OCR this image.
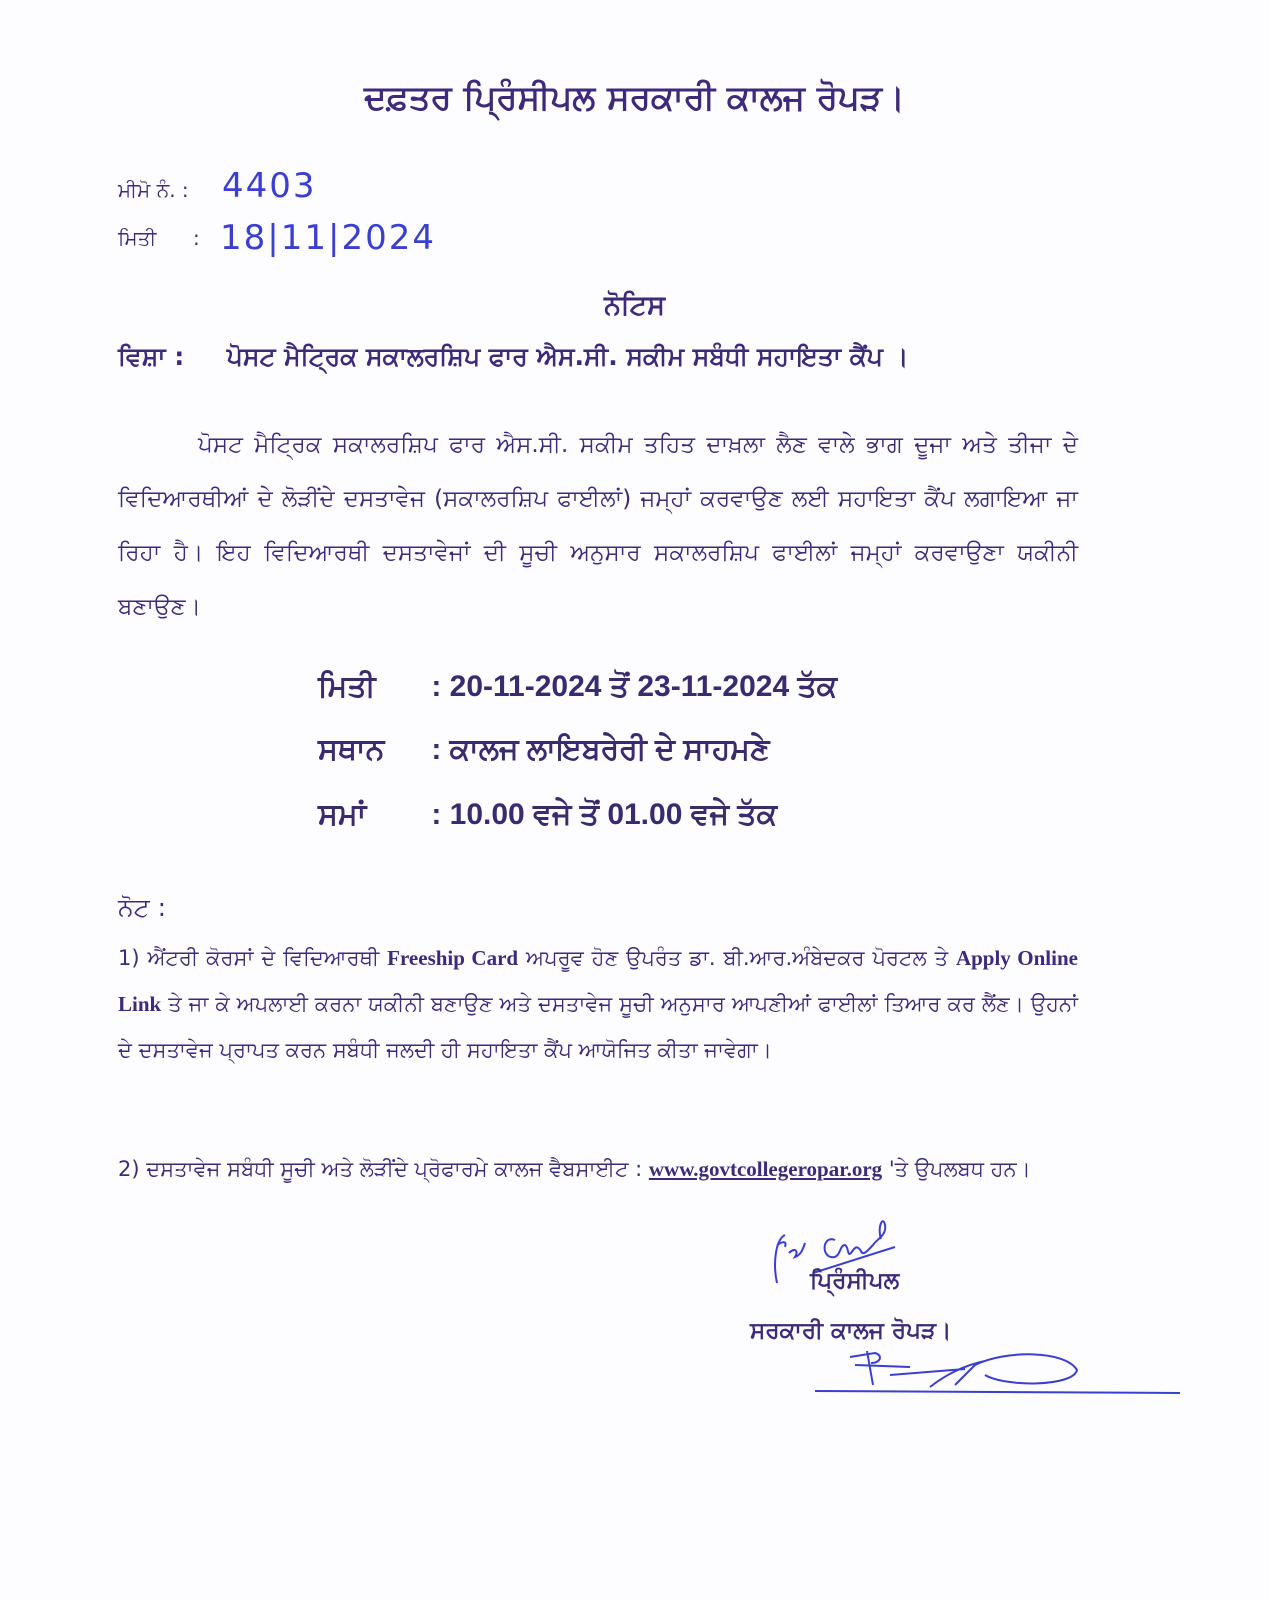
ਦਫ਼ਤਰ ਪ੍ਰਿੰਸੀਪਲ ਸਰਕਾਰੀ ਕਾਲਜ ਰੋਪੜ।
ਮੀਮੋ ਨੰ. : 4403
ਮਿਤੀ : 18|11|2024
ਨੋਟਿਸ
ਵਿਸ਼ਾ : ਪੋਸਟ ਮੈਟ੍ਰਿਕ ਸਕਾਲਰਸ਼ਿਪ ਫਾਰ ਐਸ.ਸੀ. ਸਕੀਮ ਸਬੰਧੀ ਸਹਾਇਤਾ ਕੈਂਪ ।
ਪੋਸਟ ਮੈਟ੍ਰਿਕ ਸਕਾਲਰਸ਼ਿਪ ਫਾਰ ਐਸ.ਸੀ. ਸਕੀਮ ਤਹਿਤ ਦਾਖ਼ਲਾ ਲੈਣ ਵਾਲੇ ਭਾਗ ਦੂਜਾ ਅਤੇ ਤੀਜਾ ਦੇ ਵਿਦਿਆਰਥੀਆਂ ਦੇ ਲੋੜੀਂਦੇ ਦਸਤਾਵੇਜ (ਸਕਾਲਰਸ਼ਿਪ ਫਾਈਲਾਂ) ਜਮ੍ਹਾਂ ਕਰਵਾਉਣ ਲਈ ਸਹਾਇਤਾ ਕੈਂਪ ਲਗਾਇਆ ਜਾ ਰਿਹਾ ਹੈ। ਇਹ ਵਿਦਿਆਰਥੀ ਦਸਤਾਵੇਜਾਂ ਦੀ ਸੂਚੀ ਅਨੁਸਾਰ ਸਕਾਲਰਸ਼ਿਪ ਫਾਈਲਾਂ ਜਮ੍ਹਾਂ ਕਰਵਾਉਣਾ ਯਕੀਨੀ ਬਣਾਉਣ।
ਮਿਤੀ : 20-11-2024 ਤੋਂ 23-11-2024 ਤੱਕ
ਸਥਾਨ : ਕਾਲਜ ਲਾਇਬਰੇਰੀ ਦੇ ਸਾਹਮਣੇ
ਸਮਾਂ : 10.00 ਵਜੇ ਤੋਂ 01.00 ਵਜੇ ਤੱਕ
ਨੋਟ :
1) ਐਂਟਰੀ ਕੋਰਸਾਂ ਦੇ ਵਿਦਿਆਰਥੀ Freeship Card ਅਪਰੂਵ ਹੋਣ ਉਪਰੰਤ ਡਾ. ਬੀ.ਆਰ.ਅੰਬੇਦਕਰ ਪੋਰਟਲ ਤੇ Apply Online Link ਤੇ ਜਾ ਕੇ ਅਪਲਾਈ ਕਰਨਾ ਯਕੀਨੀ ਬਣਾਉਣ ਅਤੇ ਦਸਤਾਵੇਜ ਸੂਚੀ ਅਨੁਸਾਰ ਆਪਣੀਆਂ ਫਾਈਲਾਂ ਤਿਆਰ ਕਰ ਲੈਂਣ। ਉਹਨਾਂ ਦੇ ਦਸਤਾਵੇਜ ਪ੍ਰਾਪਤ ਕਰਨ ਸਬੰਧੀ ਜਲਦੀ ਹੀ ਸਹਾਇਤਾ ਕੈਂਪ ਆਯੋਜਿਤ ਕੀਤਾ ਜਾਵੇਗਾ।
2) ਦਸਤਾਵੇਜ ਸਬੰਧੀ ਸੂਚੀ ਅਤੇ ਲੋੜੀਂਦੇ ਪ੍ਰੋਫਾਰਮੇ ਕਾਲਜ ਵੈਬਸਾਈਟ : www.govtcollegeropar.org 'ਤੇ ਉਪਲਬਧ ਹਨ।
ਪ੍ਰਿੰਸੀਪਲ
ਸਰਕਾਰੀ ਕਾਲਜ ਰੋਪੜ।
